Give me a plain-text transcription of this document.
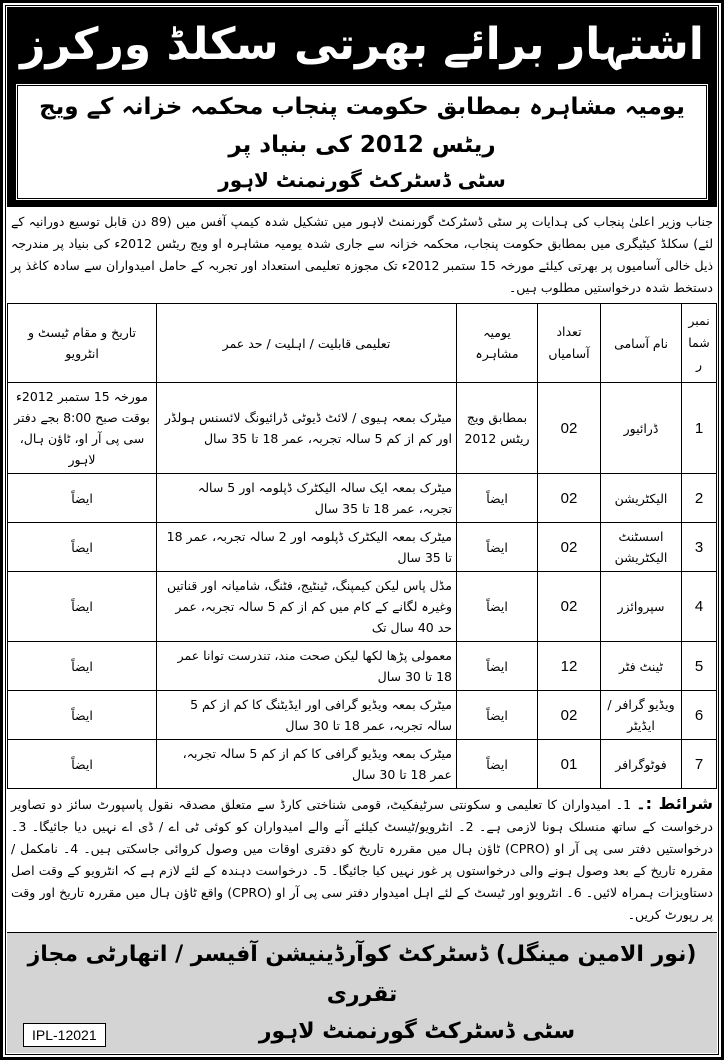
اشتہار برائے بھرتی سکلڈ ورکرز
یومیہ مشاہرہ بمطابق حکومت پنجاب محکمہ خزانہ کے ویج ریٹس 2012 کی بنیاد پر
سٹی ڈسٹرکٹ گورنمنٹ لاہور
جناب وزیر اعلیٰ پنجاب کی ہدایات پر سٹی ڈسٹرکٹ گورنمنٹ لاہور میں تشکیل شدہ کیمپ آفس میں (89 دن قابل توسیع دورانیہ کے لئے) سکلڈ کیٹیگری میں بمطابق حکومت پنجاب، محکمہ خزانہ سے جاری شدہ یومیہ مشاہرہ او ویج ریٹس 2012ء کی بنیاد پر مندرجہ ذیل خالی آسامیوں پر بھرتی کیلئے مورخہ 15 ستمبر 2012ء تک مجوزہ تعلیمی استعداد اور تجربہ کے حامل امیدواران سے سادہ کاغذ پر دستخط شدہ درخواستیں مطلوب ہیں۔
نمبر شمار	نام آسامی	تعداد آسامیاں	یومیہ مشاہرہ	تعلیمی قابلیت / اہلیت / حد عمر	تاریخ و مقام ٹیسٹ و انٹرویو
1	ڈرائیور	02	بمطابق ویج ریٹس 2012	میٹرک بمعہ ہیوی / لائٹ ڈیوٹی ڈرائیونگ لائسنس ہولڈر اور کم از کم 5 سالہ تجربہ، عمر 18 تا 35 سال	مورخہ 15 ستمبر 2012ء بوقت صبح 8:00 بجے دفتر سی پی آر او، ٹاؤن ہال، لاہور
2	الیکٹریشن	02	ایضاً	میٹرک بمعہ ایک سالہ الیکٹرک ڈپلومہ اور 5 سالہ تجربہ، عمر 18 تا 35 سال	ایضاً
3	اسسٹنٹ الیکٹریشن	02	ایضاً	میٹرک بمعہ الیکٹرک ڈپلومہ اور 2 سالہ تجربہ، عمر 18 تا 35 سال	ایضاً
4	سپروائزر	02	ایضاً	مڈل پاس لیکن کیمپنگ، ٹینٹیج، فٹنگ، شامیانہ اور قناتیں وغیرہ لگانے کے کام میں کم از کم 5 سالہ تجربہ، عمر حد 40 سال تک	ایضاً
5	ٹینٹ فٹر	12	ایضاً	معمولی پڑھا لکھا لیکن صحت مند، تندرست توانا عمر 18 تا 30 سال	ایضاً
6	ویڈیو گرافر / ایڈیٹر	02	ایضاً	میٹرک بمعہ ویڈیو گرافی اور ایڈیٹنگ کا کم از کم 5 سالہ تجربہ، عمر 18 تا 30 سال	ایضاً
7	فوٹوگرافر	01	ایضاً	میٹرک بمعہ ویڈیو گرافی کا کم از کم 5 سالہ تجربہ، عمر 18 تا 30 سال	ایضاً
شرائط :۔ 1۔ امیدواران کا تعلیمی و سکونتی سرٹیفکیٹ، قومی شناختی کارڈ سے متعلق مصدقہ نقول پاسپورٹ سائز دو تصاویر درخواست کے ساتھ منسلک ہونا لازمی ہے۔ 2۔ انٹرویو/ٹیسٹ کیلئے آنے والے امیدواران کو کوئی ٹی اے / ڈی اے نہیں دیا جائیگا۔ 3۔ درخواستیں دفتر سی پی آر او (CPRO) ٹاؤن ہال میں مقررہ تاریخ کو دفتری اوقات میں وصول کروائی جاسکتی ہیں۔ 4۔ نامکمل / مقررہ تاریخ کے بعد وصول ہونے والی درخواستوں پر غور نہیں کیا جائیگا۔ 5۔ درخواست دہندہ کے لئے لازم ہے کہ انٹرویو کے وقت اصل دستاویزات ہمراہ لائیں۔ 6۔ انٹرویو اور ٹیسٹ کے لئے اہل امیدوار دفتر سی پی آر او (CPRO) واقع ٹاؤن ہال میں مقررہ تاریخ اور وقت پر رپورٹ کریں۔
(نور الامین مینگل) ڈسٹرکٹ کوآرڈینیشن آفیسر / اتھارٹی مجاز تقرری
سٹی ڈسٹرکٹ گورنمنٹ لاہور
IPL-12021
